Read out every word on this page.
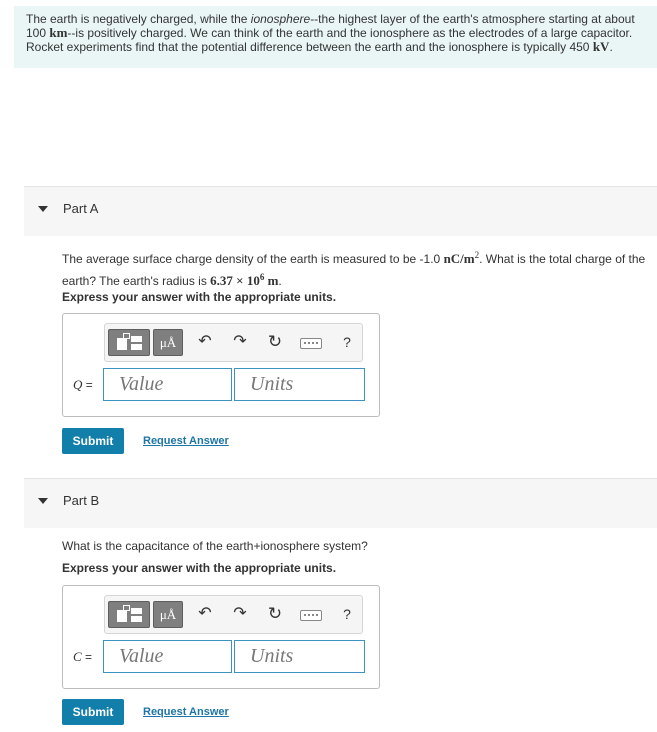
The earth is negatively charged, while the ionosphere--the highest layer of the earth's atmosphere starting at about
100 km--is positively charged. We can think of the earth and the ionosphere as the electrodes of a large capacitor.
Rocket experiments find that the potential difference between the earth and the ionosphere is typically 450 kV.
Part A
The average surface charge density of the earth is measured to be -1.0 $nC/m^2$. What is the total charge of the
earth? The earth's radius is $6.37 \times 10^6$ m.
Express your answer with the appropriate units.
μÅ	↶ ↷ ↻	?
Q =	Value	Units
Submit	Request Answer
Part B
What is the capacitance of the earth+ionosphere system?
Express your answer with the appropriate units.
μÅ	↶ ↷ ↻	?
C =	Value	Units
Submit	Request Answer
